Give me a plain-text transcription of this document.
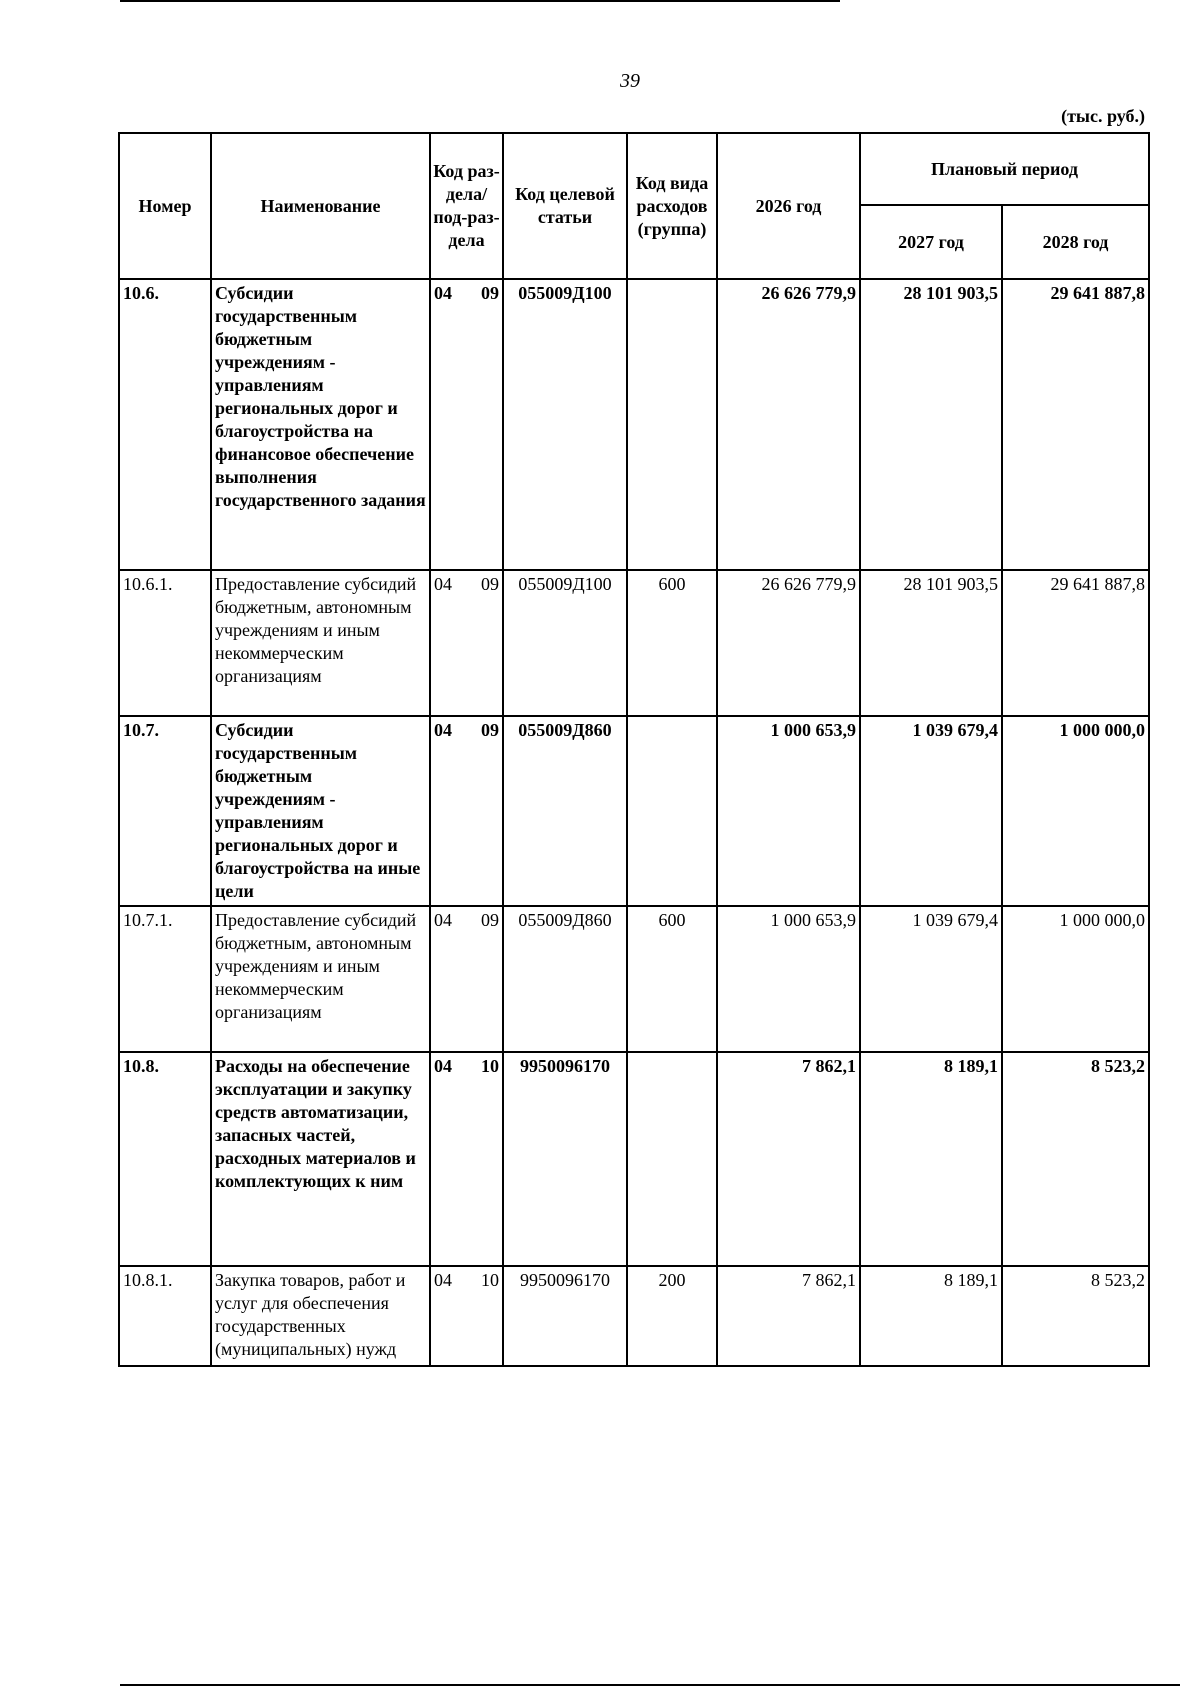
39
(тыс. руб.)
Номер	Наименование	Код раз-дела/ под-раз-дела	Код целевой статьи	Код вида расходов (группа)	2026 год	Плановый период	
						2027 год	2028 год
10.6.	Субсидии государственным бюджетным учреждениям - управлениям региональных дорог и благоустройства на финансовое обеспечение выполнения государственного задания	04 09	055009Д100		26 626 779,9	28 101 903,5	29 641 887,8
10.6.1.	Предоставление субсидий бюджетным, автономным учреждениям и иным некоммерческим организациям	04 09	055009Д100	600	26 626 779,9	28 101 903,5	29 641 887,8
10.7.	Субсидии государственным бюджетным учреждениям - управлениям региональных дорог и благоустройства на иные цели	04 09	055009Д860		1 000 653,9	1 039 679,4	1 000 000,0
10.7.1.	Предоставление субсидий бюджетным, автономным учреждениям и иным некоммерческим организациям	04 09	055009Д860	600	1 000 653,9	1 039 679,4	1 000 000,0
10.8.	Расходы на обеспечение эксплуатации и закупку средств автоматизации, запасных частей, расходных материалов и комплектующих к ним	04 10	9950096170		7 862,1	8 189,1	8 523,2
10.8.1.	Закупка товаров, работ и услуг для обеспечения государственных (муниципальных) нужд	04 10	9950096170	200	7 862,1	8 189,1	8 523,2
